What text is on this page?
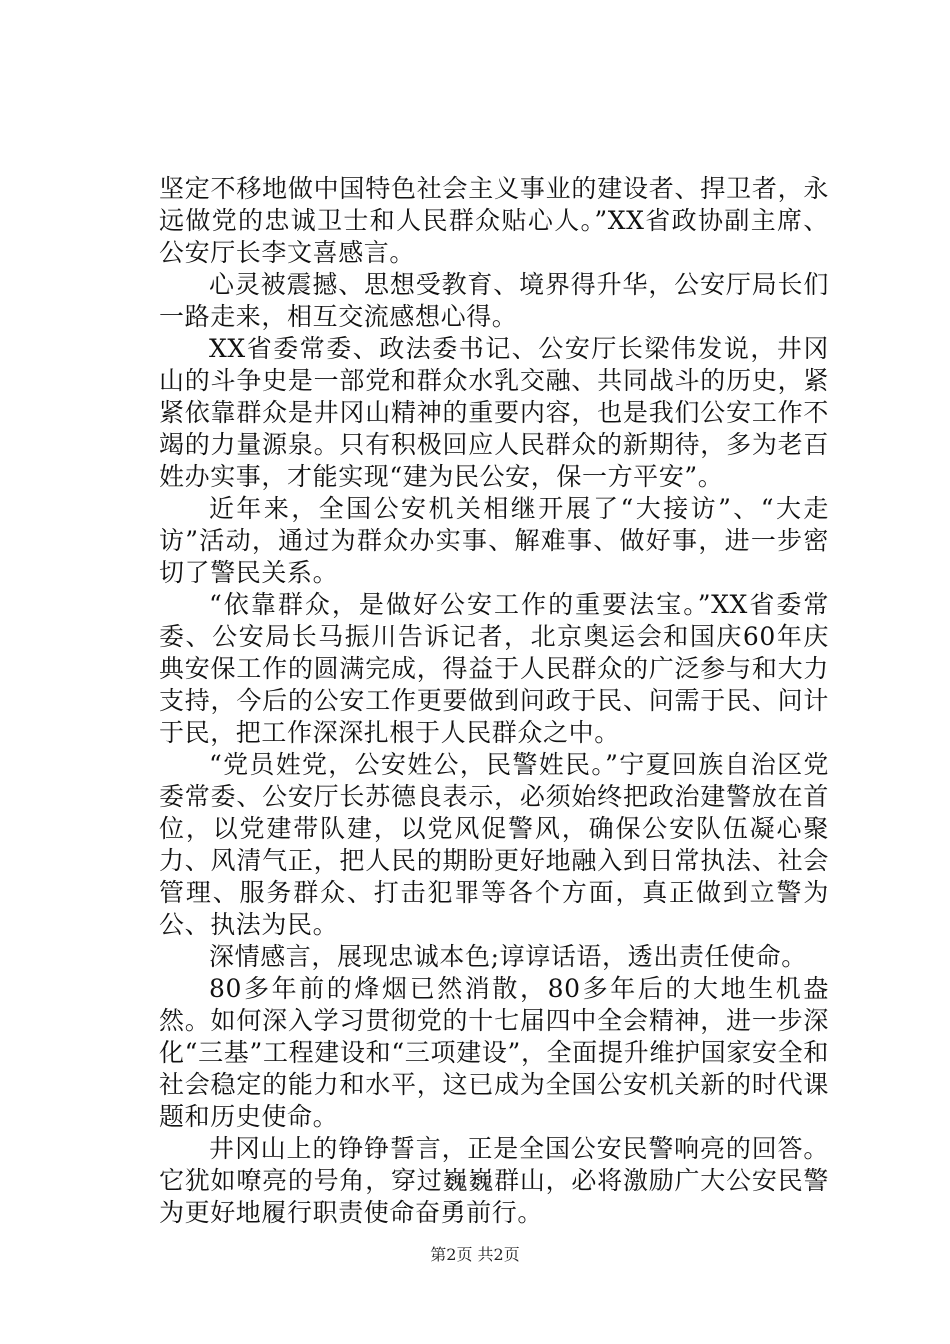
坚定不移地做中国特色社会主义事业的建设者、捍卫者，永远做党的忠诚卫士和人民群众贴心人。”XX省政协副主席、公安厅长李文喜感言。

心灵被震撼、思想受教育、境界得升华，公安厅局长们一路走来，相互交流感想心得。

XX省委常委、政法委书记、公安厅长梁伟发说，井冈山的斗争史是一部党和群众水乳交融、共同战斗的历史，紧紧依靠群众是井冈山精神的重要内容，也是我们公安工作不竭的力量源泉。只有积极回应人民群众的新期待，多为老百姓办实事，才能实现“建为民公安，保一方平安”。

近年来，全国公安机关相继开展了“大接访”、“大走访”活动，通过为群众办实事、解难事、做好事，进一步密切了警民关系。

“依靠群众，是做好公安工作的重要法宝。”XX省委常委、公安局长马振川告诉记者，北京奥运会和国庆60年庆典安保工作的圆满完成，得益于人民群众的广泛参与和大力支持，今后的公安工作更要做到问政于民、问需于民、问计于民，把工作深深扎根于人民群众之中。

“党员姓党，公安姓公，民警姓民。”宁夏回族自治区党委常委、公安厅长苏德良表示，必须始终把政治建警放在首位，以党建带队建，以党风促警风，确保公安队伍凝心聚力、风清气正，把人民的期盼更好地融入到日常执法、社会管理、服务群众、打击犯罪等各个方面，真正做到立警为公、执法为民。

深情感言，展现忠诚本色;谆谆话语，透出责任使命。

80多年前的烽烟已然消散，80多年后的大地生机盎然。如何深入学习贯彻党的十七届四中全会精神，进一步深化“三基”工程建设和“三项建设”，全面提升维护国家安全和社会稳定的能力和水平，这已成为全国公安机关新的时代课题和历史使命。

井冈山上的铮铮誓言，正是全国公安民警响亮的回答。它犹如嘹亮的号角，穿过巍巍群山，必将激励广大公安民警为更好地履行职责使命奋勇前行。

第2页 共2页
